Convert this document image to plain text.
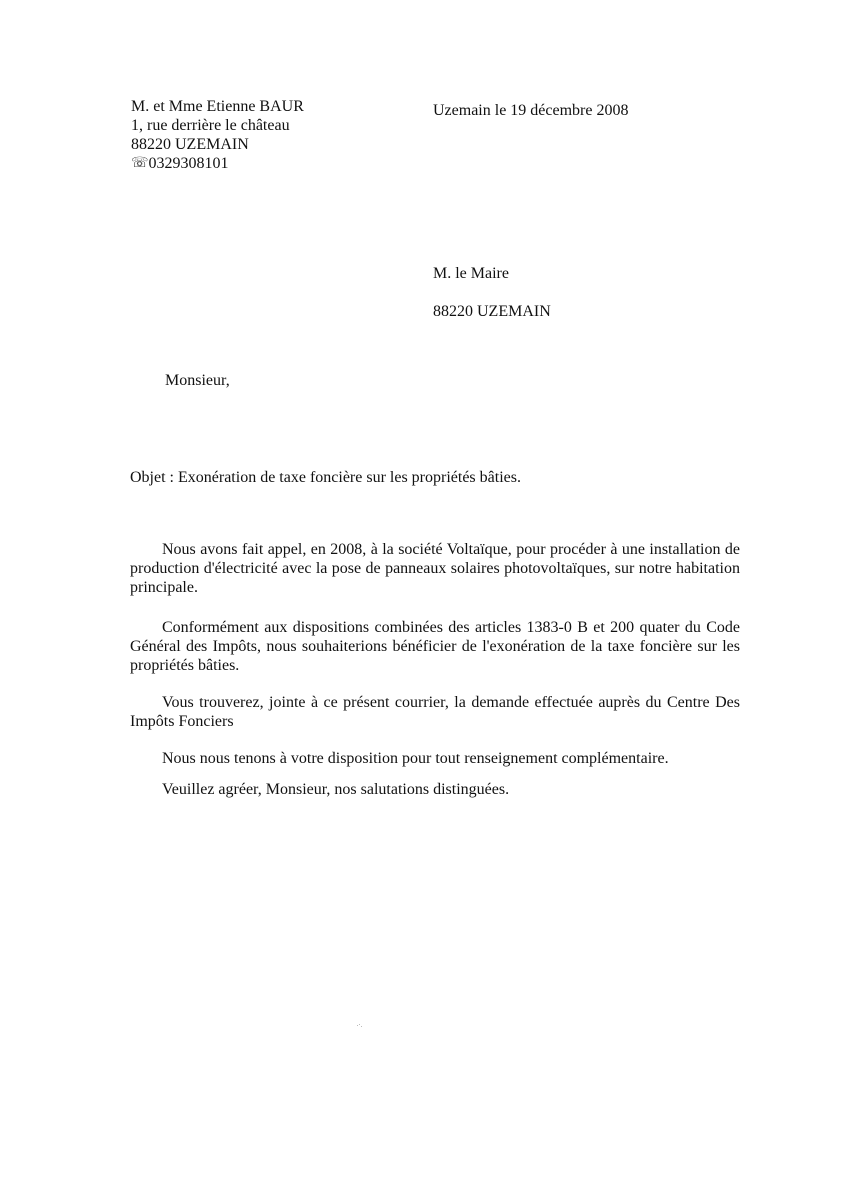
M. et Mme Etienne BAUR
1, rue derrière le château
88220 UZEMAIN
☏0329308101
Uzemain le 19 décembre 2008
M. le Maire
88220 UZEMAIN
Monsieur,
Objet : Exonération de taxe foncière sur les propriétés bâties.
Nous avons fait appel, en 2008, à la société Voltaïque, pour procéder à une installation de production d'électricité avec la pose de panneaux solaires photovoltaïques, sur notre habitation principale.
Conformément aux dispositions combinées des articles 1383-0 B et 200 quater du Code Général des Impôts, nous souhaiterions bénéficier de l'exonération de la taxe foncière sur les propriétés bâties.
Vous trouverez, jointe à ce présent courrier, la demande effectuée auprès du Centre Des Impôts Fonciers
Nous nous tenons à votre disposition pour tout renseignement complémentaire.
Veuillez agréer, Monsieur, nos salutations distinguées.
